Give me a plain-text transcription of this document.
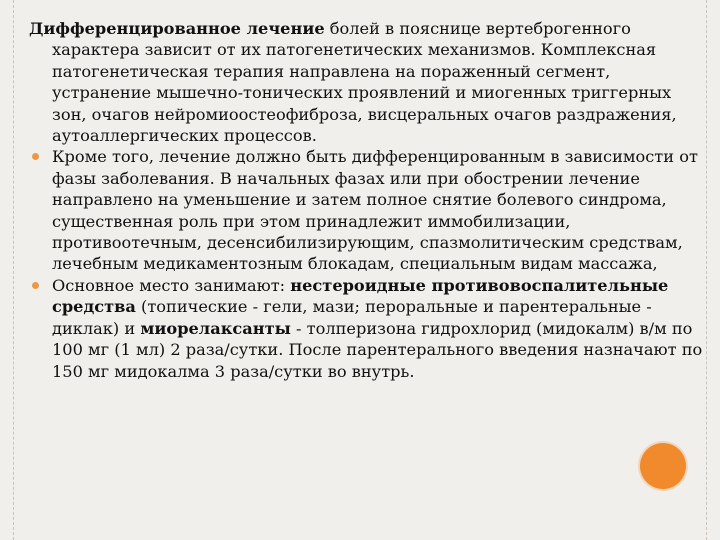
Дифференцированное лечение болей в пояснице вертеброгенного характера зависит от их патогенетических механизмов. Комплексная патогенетическая терапия направлена на пораженный сегмент, устранение мышечно-тонических проявлений и миогенных триггерных зон, очагов нейромиоостеофиброза, висцеральных очагов раздражения, аутоаллергических процессов.

Кроме того, лечение должно быть дифференцированным в зависимости от фазы заболевания. В начальных фазах или при обострении лечение направлено на уменьшение и затем полное снятие болевого синдрома, существенная роль при этом принадлежит иммобилизации, противоотечным, десенсибилизирующим, спазмолитическим средствам, лечебным медикаментозным блокадам, специальным видам массажа,

Основное место занимают: нестероидные противовоспалительные средства (топические - гели, мази; пероральные и парентеральные - диклак) и миорелаксанты - толперизона гидрохлорид (мидокалм) в/м по 100 мг (1 мл) 2 раза/сутки. После парентерального введения назначают по 150 мг мидокалма 3 раза/сутки во внутрь.
